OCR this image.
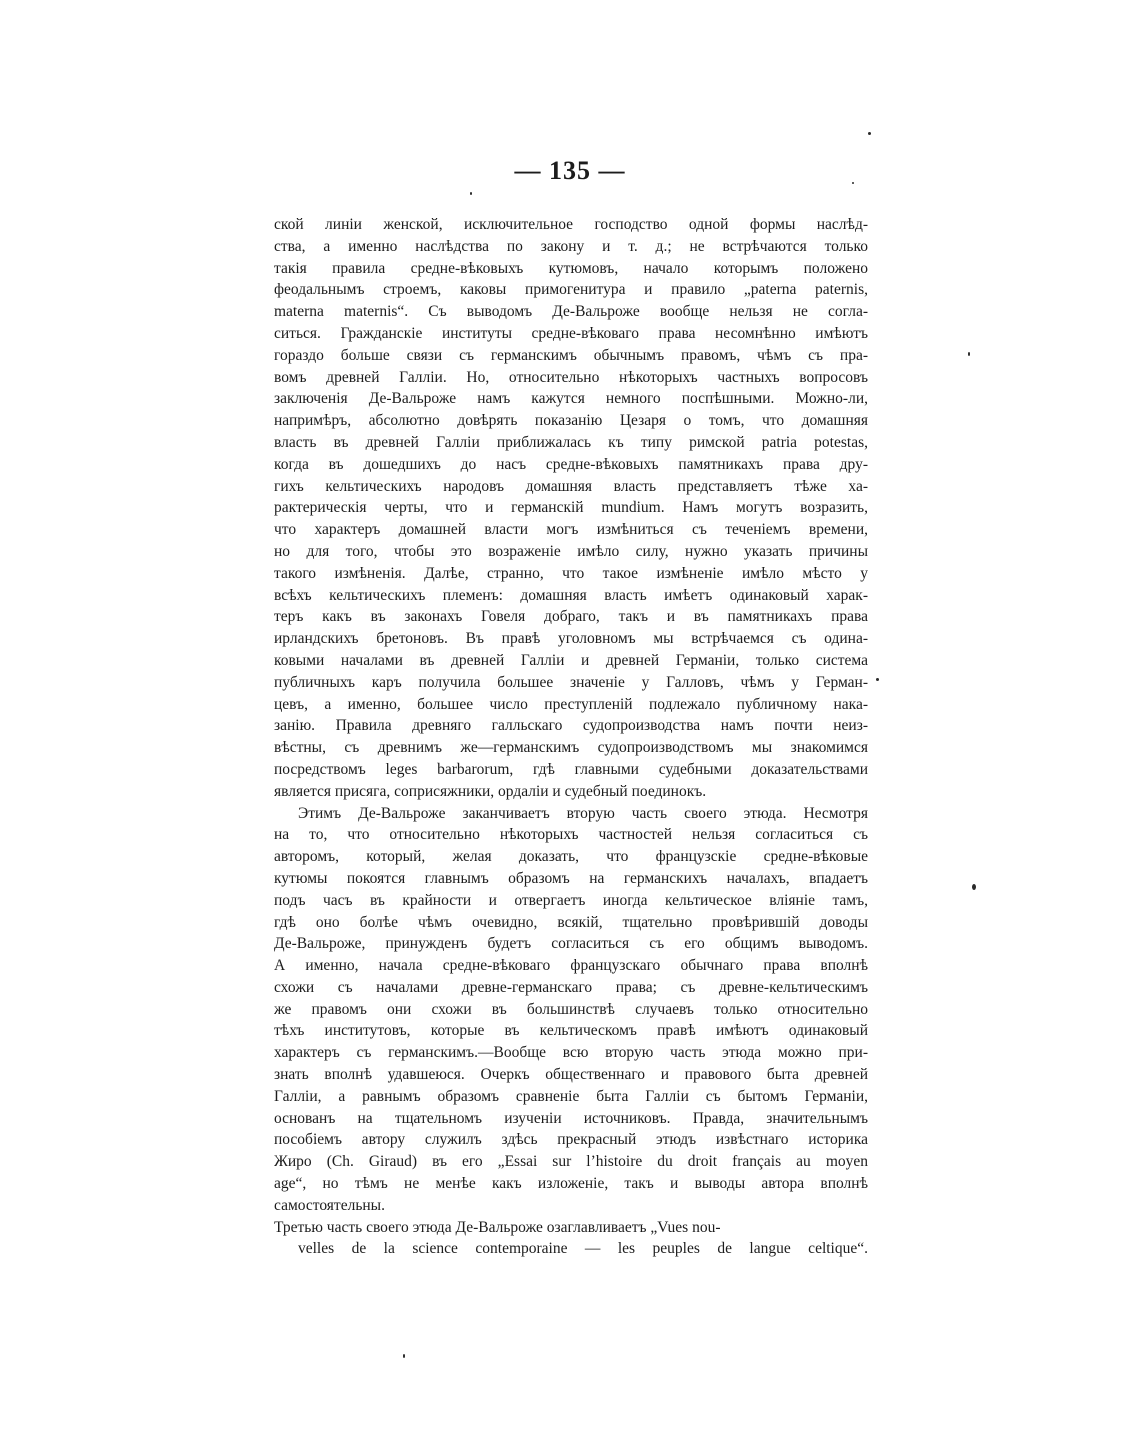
— 135 —
ской линіи женской, исключительное господство одной формы наслѣд-
ства, а именно наслѣдства по закону и т. д.; не встрѣчаются только
такія правила средне-вѣковыхъ кутюмовъ, начало которымъ положено
феодальнымъ строемъ, каковы примогенитура и правило „paterna paternis,
materna maternis“. Съ выводомъ Де-Вальроже вообще нельзя не согла-
ситься. Гражданскіе институты средне-вѣковаго права несомнѣнно имѣютъ
гораздо больше связи съ германскимъ обычнымъ правомъ, чѣмъ съ пра-
вомъ древней Галліи. Но, относительно нѣкоторыхъ частныхъ вопросовъ
заключенія Де-Вальроже намъ кажутся немного поспѣшными. Можно-ли,
напримѣръ, абсолютно довѣрять показанію Цезаря о томъ, что домашняя
власть въ древней Галліи приближалась къ типу римской patria potestas,
когда въ дошедшихъ до насъ средне-вѣковыхъ памятникахъ права дру-
гихъ кельтическихъ народовъ домашняя власть представляетъ тѣже ха-
рактерическія черты, что и германскій mundium. Намъ могутъ возразить,
что характеръ домашней власти могъ измѣниться съ теченіемъ времени,
но для того, чтобы это возраженіе имѣло силу, нужно указать причины
такого измѣненія. Далѣе, странно, что такое измѣненіе имѣло мѣсто у
всѣхъ кельтическихъ племенъ: домашняя власть имѣетъ одинаковый харак-
теръ какъ въ законахъ Говеля добраго, такъ и въ памятникахъ права
ирландскихъ бретоновъ. Въ правѣ уголовномъ мы встрѣчаемся съ одина-
ковыми началами въ древней Галліи и древней Германіи, только система
публичныхъ каръ получила большее значеніе у Галловъ, чѣмъ у Герман-
цевъ, а именно, большее число преступленій подлежало публичному нака-
занію. Правила древняго галльскаго судопроизводства намъ почти неиз-
вѣстны, съ древнимъ же—германскимъ судопроизводствомъ мы знакомимся
посредствомъ leges barbarorum, гдѣ главными судебными доказательствами
является присяга, соприсяжники, ордаліи и судебный поединокъ.
Этимъ Де-Вальроже заканчиваетъ вторую часть своего этюда. Несмотря
на то, что относительно нѣкоторыхъ частностей нельзя согласиться съ
авторомъ, который, желая доказать, что французскіе средне-вѣковые
кутюмы покоятся главнымъ образомъ на германскихъ началахъ, впадаетъ
подъ часъ въ крайности и отвергаетъ иногда кельтическое вліяніе тамъ,
гдѣ оно болѣе чѣмъ очевидно, всякій, тщательно провѣрившій доводы
Де-Вальроже, принужденъ будетъ согласиться съ его общимъ выводомъ.
А именно, начала средне-вѣковаго французскаго обычнаго права вполнѣ
схожи съ началами древне-германскаго права; съ древне-кельтическимъ
же правомъ они схожи въ большинствѣ случаевъ только относительно
тѣхъ институтовъ, которые въ кельтическомъ правѣ имѣютъ одинаковый
характеръ съ германскимъ.—Вообще всю вторую часть этюда можно при-
знать вполнѣ удавшеюся. Очеркъ общественнаго и правового быта древней
Галліи, а равнымъ образомъ сравненіе быта Галліи съ бытомъ Германіи,
основанъ на тщательномъ изученіи источниковъ. Правда, значительнымъ
пособіемъ автору служилъ здѣсь прекрасный этюдъ извѣстнаго историка
Жиро (Ch. Giraud) въ его „Essai sur l’histoire du droit français au moyen
age“, но тѣмъ не менѣе какъ изложеніе, такъ и выводы автора вполнѣ
самостоятельны.
Третью часть своего этюда Де-Вальроже озаглавливаетъ „Vues nou-
velles de la science contemporaine — les peuples de langue celtique“.
